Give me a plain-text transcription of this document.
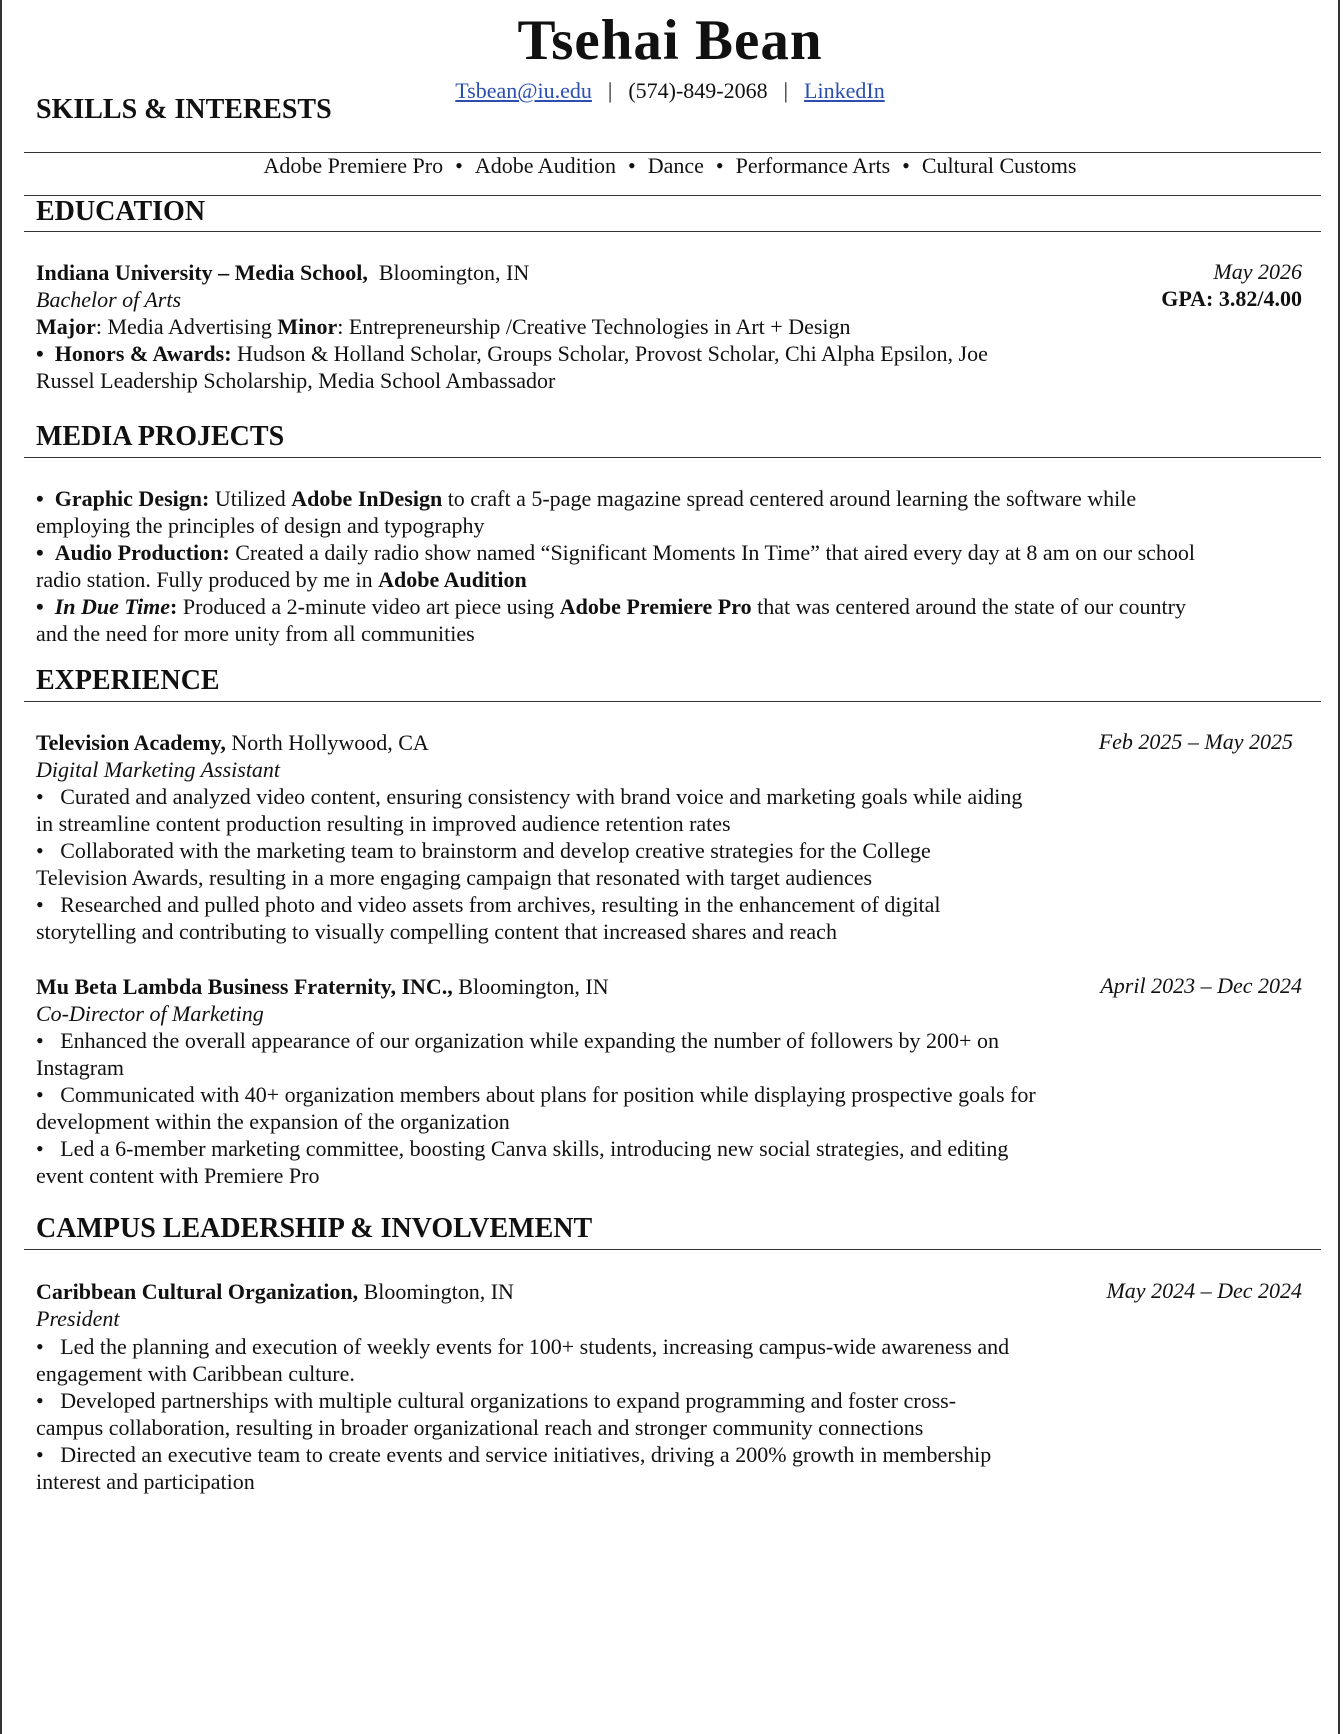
Tsehai Bean
Tsbean@iu.edu | (574)-849-2068 | LinkedIn
SKILLS & INTERESTS
Adobe Premiere Pro • Adobe Audition • Dance • Performance Arts • Cultural Customs
EDUCATION
Indiana University – Media School, Bloomington, IN	May 2026
Bachelor of Arts	GPA: 3.82/4.00
Major: Media Advertising Minor: Entrepreneurship /Creative Technologies in Art + Design
• Honors & Awards: Hudson & Holland Scholar, Groups Scholar, Provost Scholar, Chi Alpha Epsilon, Joe
Russel Leadership Scholarship, Media School Ambassador
MEDIA PROJECTS
• Graphic Design: Utilized Adobe InDesign to craft a 5-page magazine spread centered around learning the software while
employing the principles of design and typography
• Audio Production: Created a daily radio show named “Significant Moments In Time” that aired every day at 8 am on our school
radio station. Fully produced by me in Adobe Audition
• In Due Time: Produced a 2-minute video art piece using Adobe Premiere Pro that was centered around the state of our country
and the need for more unity from all communities
EXPERIENCE
Television Academy, North Hollywood, CA	Feb 2025 – May 2025
Digital Marketing Assistant
• Curated and analyzed video content, ensuring consistency with brand voice and marketing goals while aiding
in streamline content production resulting in improved audience retention rates
• Collaborated with the marketing team to brainstorm and develop creative strategies for the College
Television Awards, resulting in a more engaging campaign that resonated with target audiences
• Researched and pulled photo and video assets from archives, resulting in the enhancement of digital
storytelling and contributing to visually compelling content that increased shares and reach
Mu Beta Lambda Business Fraternity, INC., Bloomington, IN	April 2023 – Dec 2024
Co-Director of Marketing
• Enhanced the overall appearance of our organization while expanding the number of followers by 200+ on
Instagram
• Communicated with 40+ organization members about plans for position while displaying prospective goals for
development within the expansion of the organization
• Led a 6-member marketing committee, boosting Canva skills, introducing new social strategies, and editing
event content with Premiere Pro
CAMPUS LEADERSHIP & INVOLVEMENT
Caribbean Cultural Organization, Bloomington, IN	May 2024 – Dec 2024
President
• Led the planning and execution of weekly events for 100+ students, increasing campus-wide awareness and
engagement with Caribbean culture.
• Developed partnerships with multiple cultural organizations to expand programming and foster cross-
campus collaboration, resulting in broader organizational reach and stronger community connections
• Directed an executive team to create events and service initiatives, driving a 200% growth in membership
interest and participation
